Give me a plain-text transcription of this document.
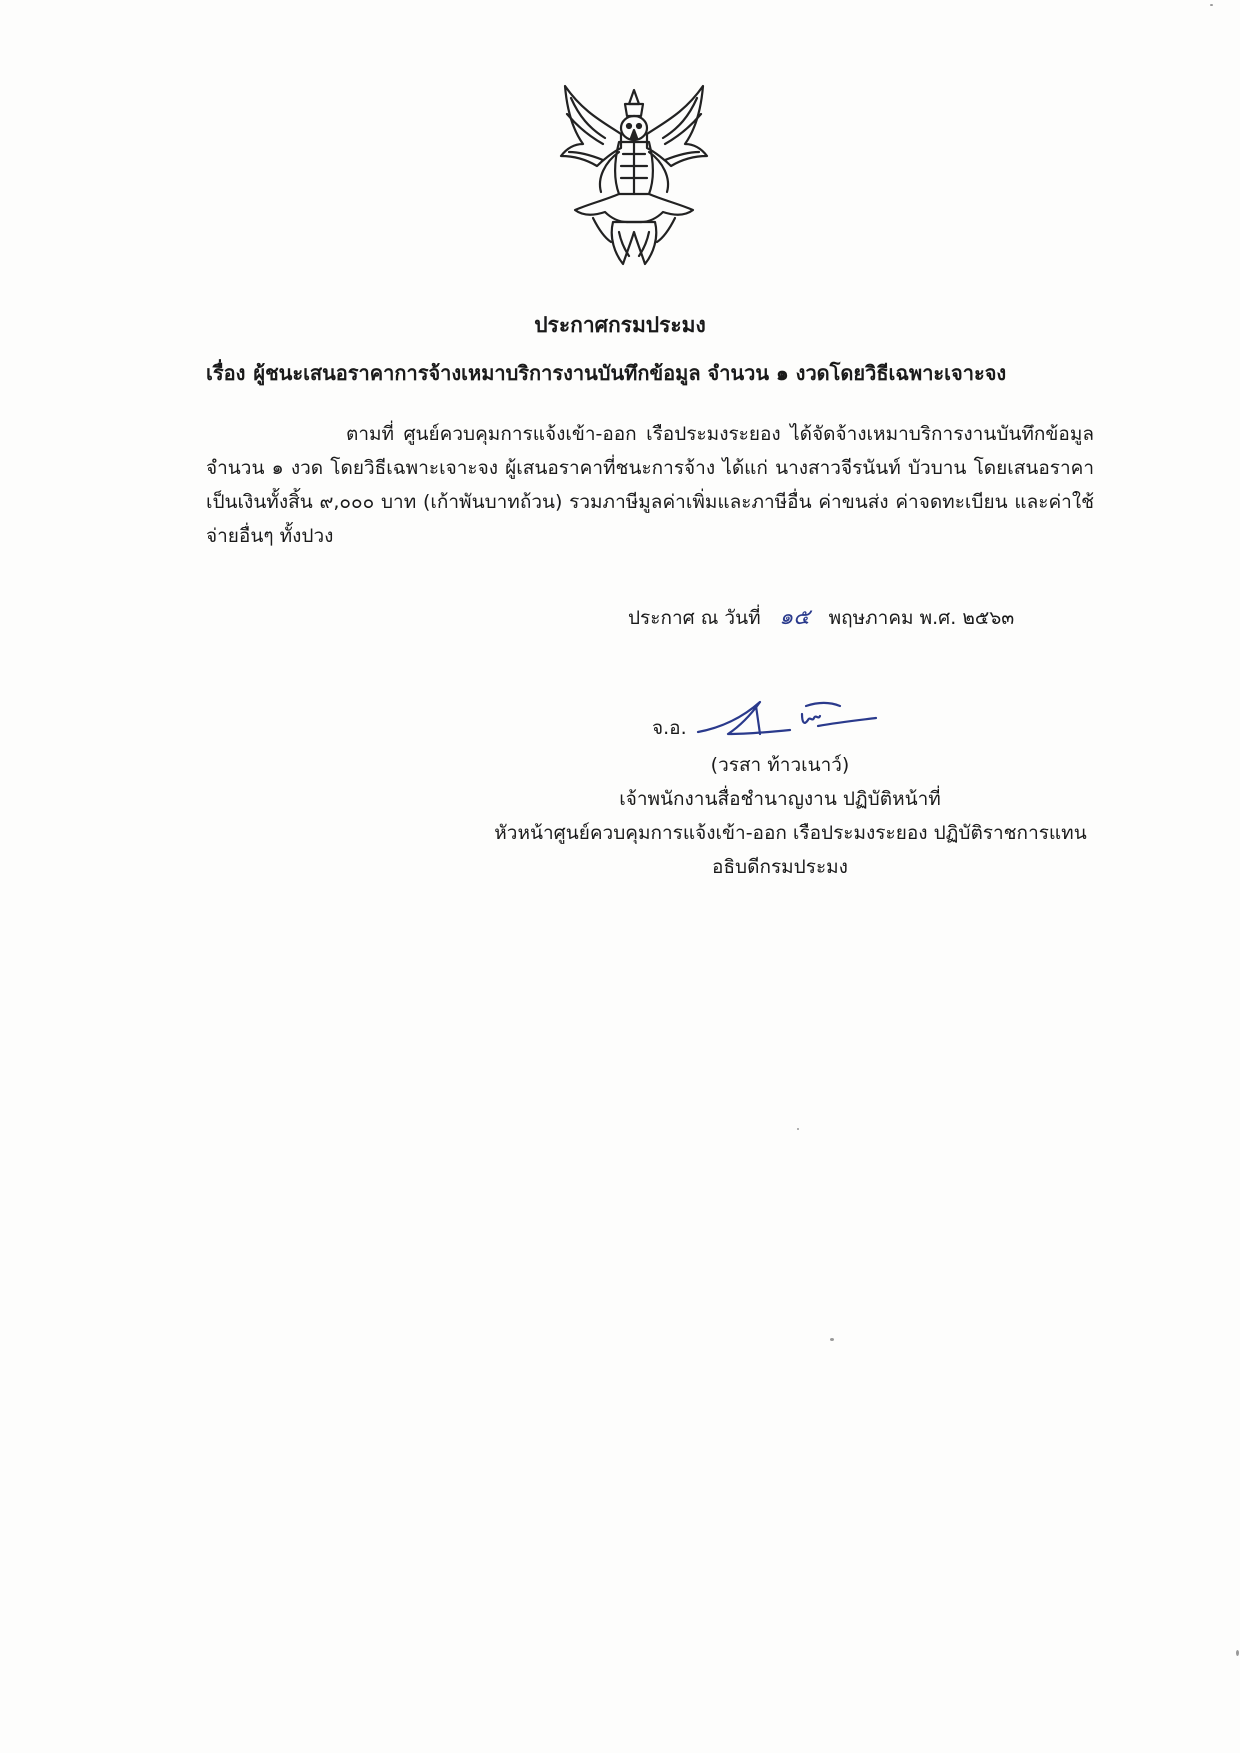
ประกาศกรมประมง
เรื่อง ผู้ชนะเสนอราคาการจ้างเหมาบริการงานบันทึกข้อมูล จำนวน ๑ งวดโดยวิธีเฉพาะเจาะจง
ตามที่ ศูนย์ควบคุมการแจ้งเข้า-ออก เรือประมงระยอง ได้จัดจ้างเหมาบริการงานบันทึกข้อมูล จำนวน ๑ งวด โดยวิธีเฉพาะเจาะจง ผู้เสนอราคาที่ชนะการจ้าง ได้แก่ นางสาวจีรนันท์ บัวบาน โดยเสนอราคาเป็นเงินทั้งสิ้น ๙,๐๐๐ บาท (เก้าพันบาทถ้วน) รวมภาษีมูลค่าเพิ่มและภาษีอื่น ค่าขนส่ง ค่าจดทะเบียน และค่าใช้จ่ายอื่นๆ ทั้งปวง
ประกาศ ณ วันที่ ๑๕ พฤษภาคม พ.ศ. ๒๕๖๓
จ.อ.
(วรสา ท้าวเนาว์)
เจ้าพนักงานสื่อชำนาญงาน ปฏิบัติหน้าที่
หัวหน้าศูนย์ควบคุมการแจ้งเข้า-ออก เรือประมงระยอง ปฏิบัติราชการแทน
อธิบดีกรมประมง
